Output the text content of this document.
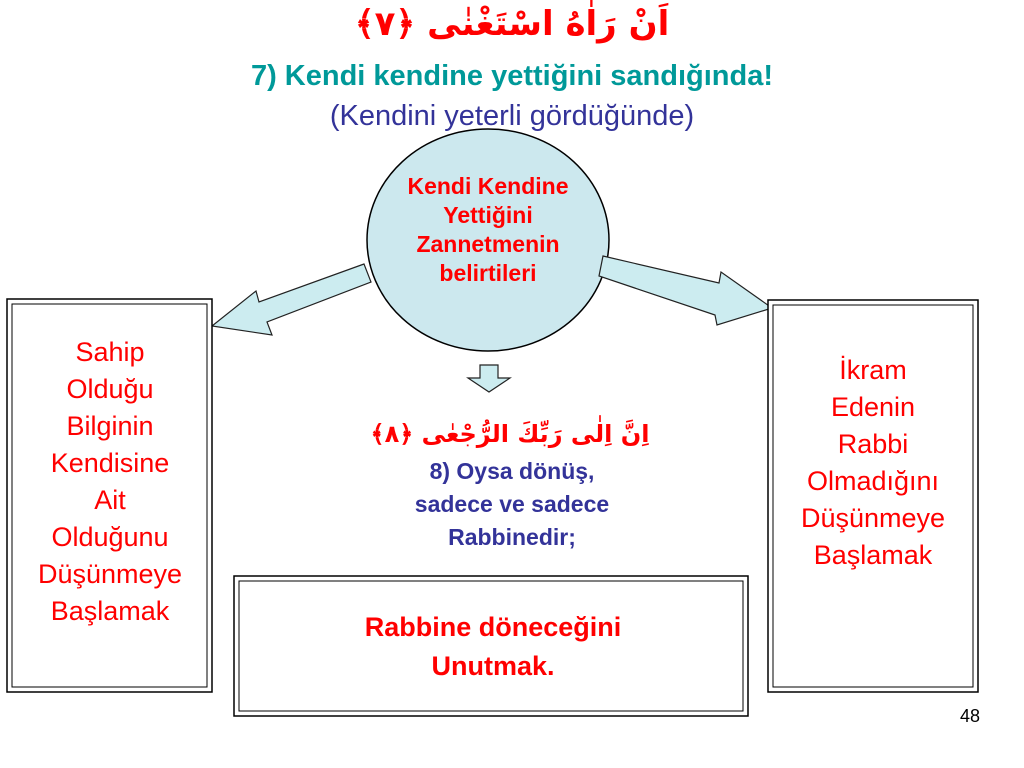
اَنْ رَاٰهُ اسْتَغْنٰى ﴿٧﴾
7) Kendi kendine yettiğini sandığında!
(Kendini yeterli gördüğünde)
Kendi Kendine
Yettiğini
Zannetmenin
belirtileri
Sahip
Olduğu
Bilginin
Kendisine
Ait
Olduğunu
Düşünmeye
Başlamak
İkram
Edenin
Rabbi
Olmadığını
Düşünmeye
Başlamak
اِنَّ اِلٰى رَبِّكَ الرُّجْعٰى ﴿٨﴾
8) Oysa dönüş,
sadece ve sadece
Rabbinedir;
Rabbine döneceğini
Unutmak.
48
